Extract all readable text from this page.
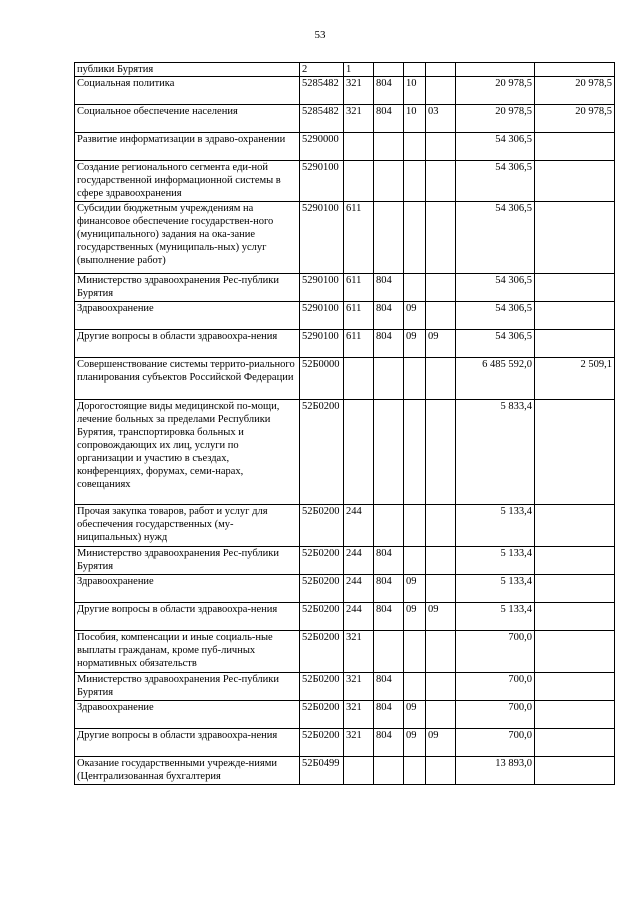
53
публики Бурятия	2	1					
Социальная политика	5285482	321	804	10		20 978,5	20 978,5
Социальное обеспечение населения	5285482	321	804	10	03	20 978,5	20 978,5
Развитие информатизации в здраво-охранении	5290000					54 306,5	
Создание регионального сегмента еди-ной государственной информационной системы в сфере здравоохранения	5290100					54 306,5	
Субсидии бюджетным учреждениям на финансовое обеспечение государствен-ного (муниципального) задания на ока-зание государственных (муниципаль-ных) услуг (выполнение работ)	5290100	611				54 306,5	
Министерство здравоохранения Рес-публики Бурятия	5290100	611	804			54 306,5	
Здравоохранение	5290100	611	804	09		54 306,5	
Другие вопросы в области здравоохра-нения	5290100	611	804	09	09	54 306,5	
Совершенствование системы террито-риального планирования субъектов Российской Федерации	52Б0000					6 485 592,0	2 509,1
Дорогостоящие виды медицинской по-мощи, лечение больных за пределами Республики Бурятия, транспортировка больных и сопровождающих их лиц, услуги по организации и участию в съездах, конференциях, форумах, семи-нарах, совещаниях	52Б0200					5 833,4	
Прочая закупка товаров, работ и услуг для обеспечения государственных (му-ниципальных) нужд	52Б0200	244				5 133,4	
Министерство здравоохранения Рес-публики Бурятия	52Б0200	244	804			5 133,4	
Здравоохранение	52Б0200	244	804	09		5 133,4	
Другие вопросы в области здравоохра-нения	52Б0200	244	804	09	09	5 133,4	
Пособия, компенсации и иные социаль-ные выплаты гражданам, кроме пуб-личных нормативных обязательств	52Б0200	321				700,0	
Министерство здравоохранения Рес-публики Бурятия	52Б0200	321	804			700,0	
Здравоохранение	52Б0200	321	804	09		700,0	
Другие вопросы в области здравоохра-нения	52Б0200	321	804	09	09	700,0	
Оказание государственными учрежде-ниями (Централизованная бухгалтерия	52Б0499					13 893,0	
